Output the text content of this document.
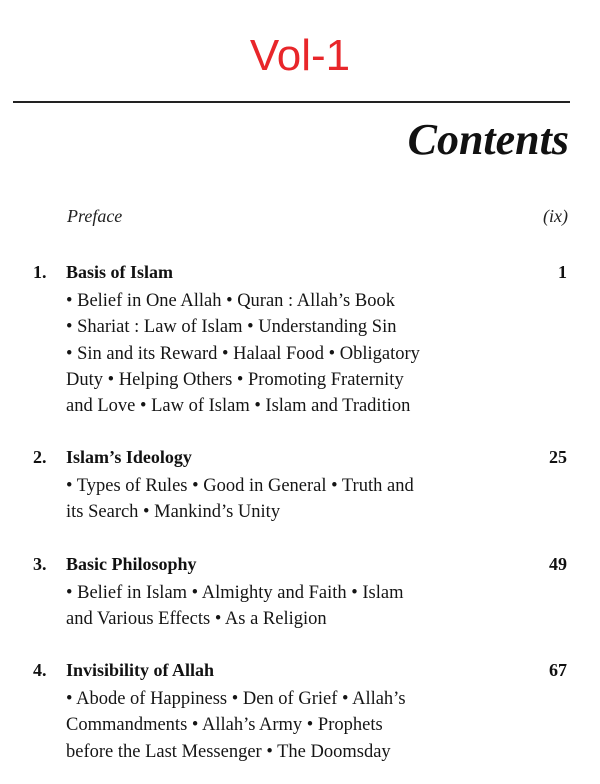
Vol-1
Contents
Preface	(ix)
1. Basis of Islam	1
• Belief in One Allah • Quran : Allah’s Book
• Shariat : Law of Islam • Understanding Sin
• Sin and its Reward • Halaal Food • Obligatory
Duty • Helping Others • Promoting Fraternity
and Love • Law of Islam • Islam and Tradition
2. Islam’s Ideology	25
• Types of Rules • Good in General • Truth and
its Search • Mankind’s Unity
3. Basic Philosophy	49
• Belief in Islam • Almighty and Faith • Islam
and Various Effects • As a Religion
4. Invisibility of Allah	67
• Abode of Happiness • Den of Grief • Allah’s
Commandments • Allah’s Army • Prophets
before the Last Messenger • The Doomsday
